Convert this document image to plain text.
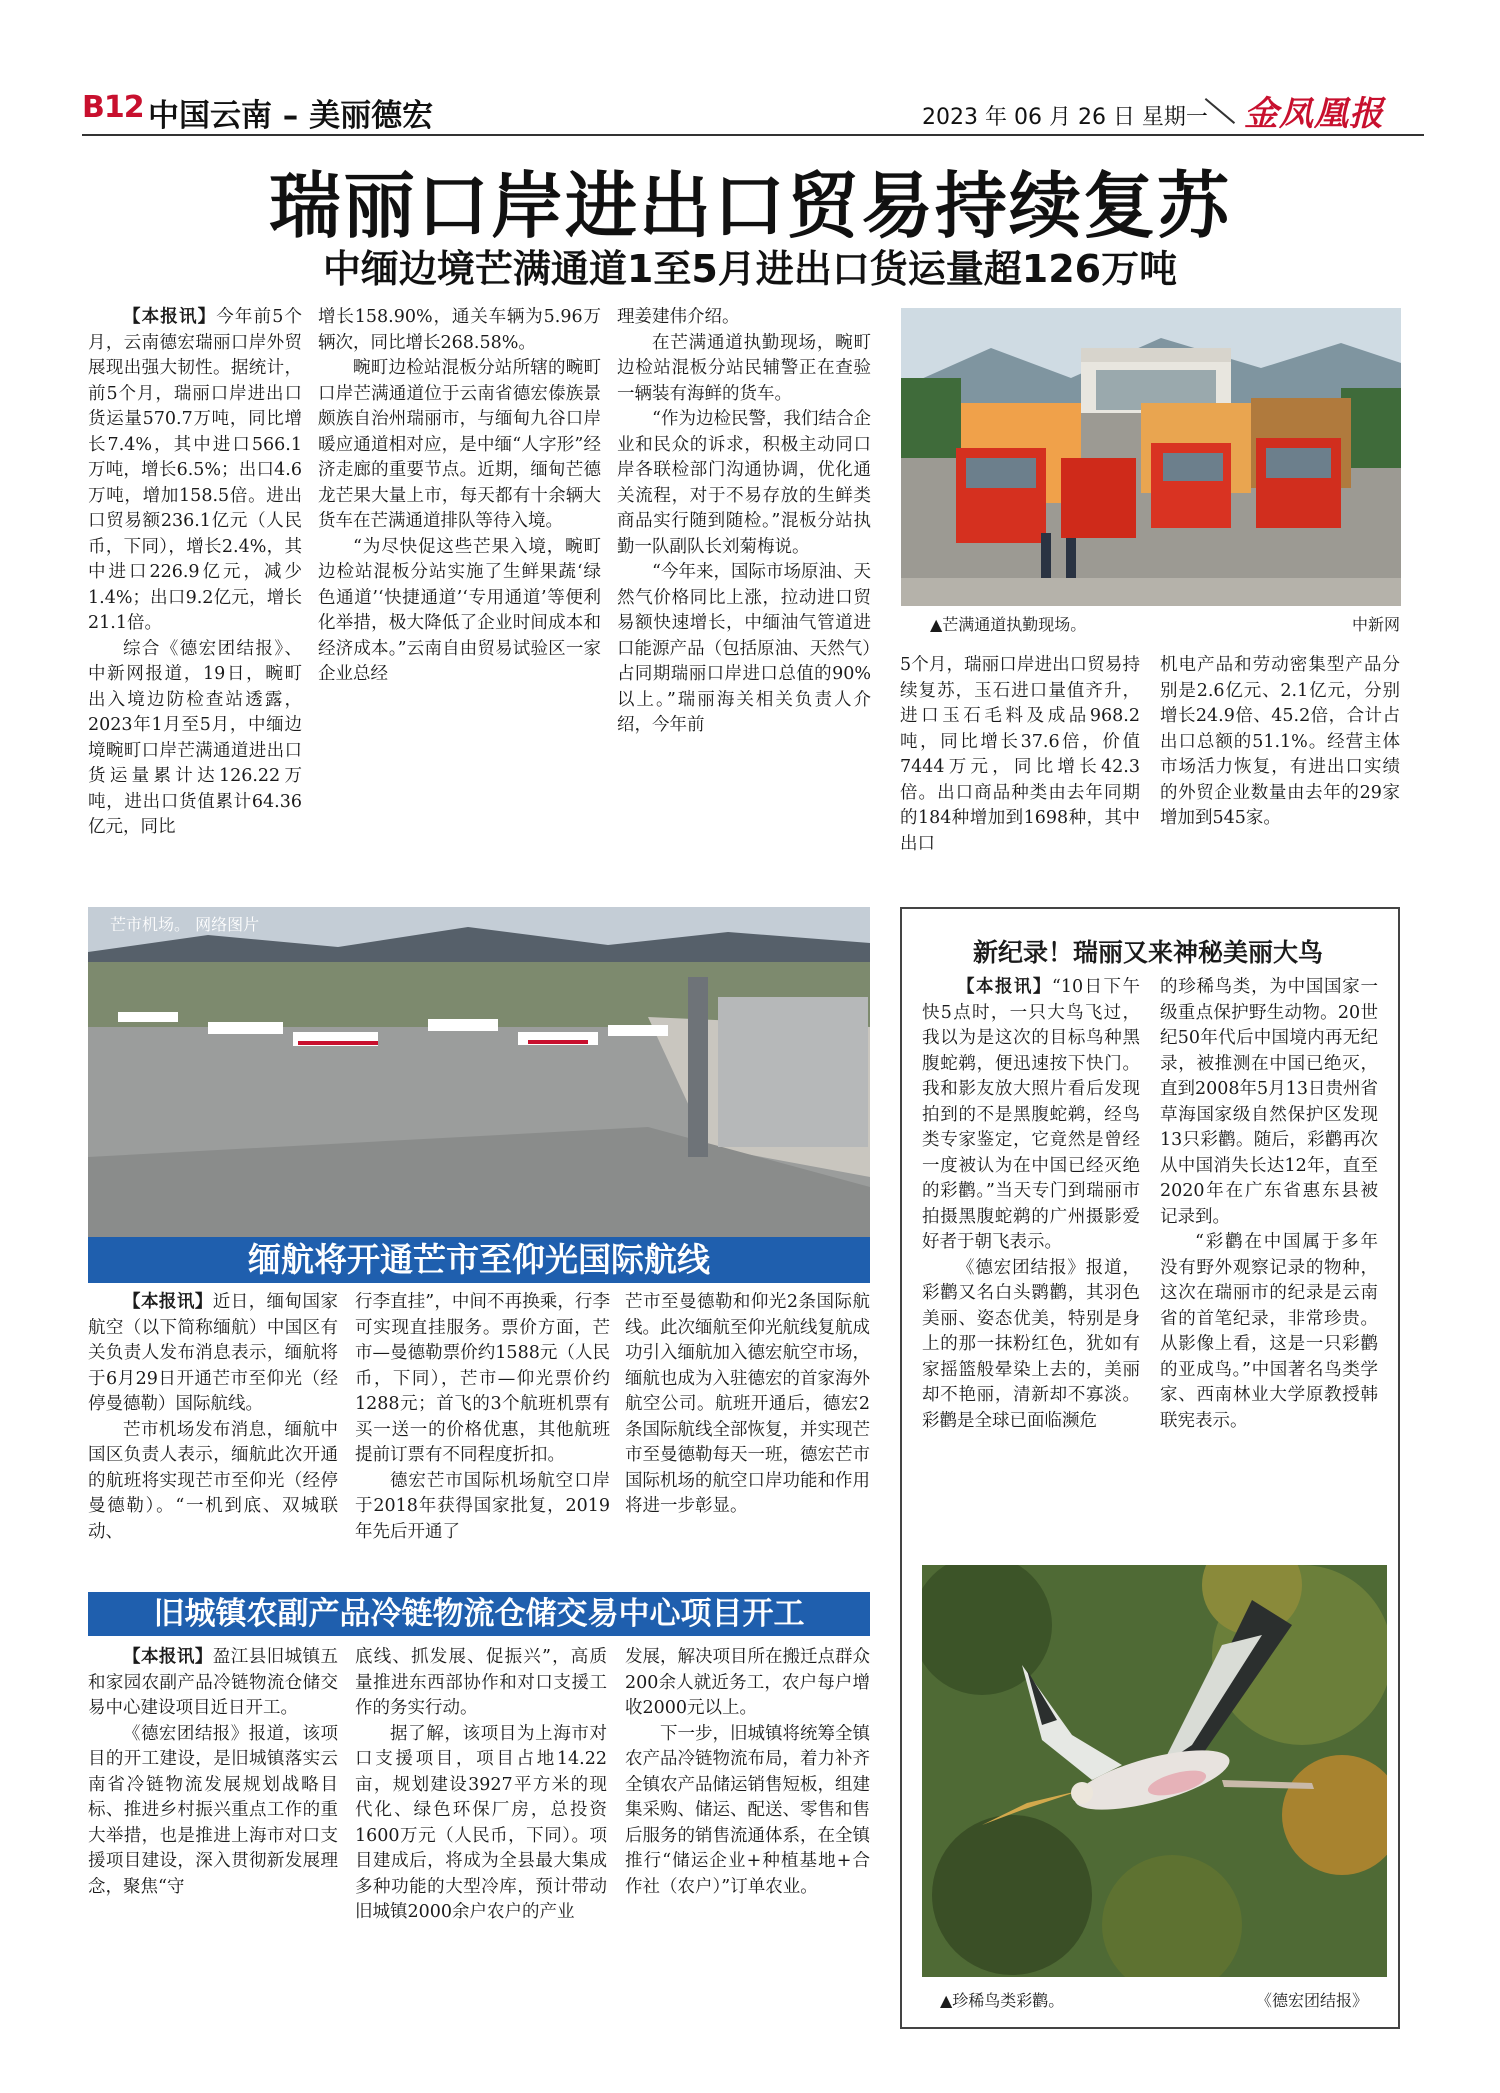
B12 中国云南 – 美丽德宏	2023 年 06 月 26 日 星期一 金凤凰报
瑞丽口岸进出口贸易持续复苏
中缅边境芒满通道1至5月进出口货运量超126万吨

【本报讯】今年前5个月，云南德宏瑞丽口岸外贸展现出强大韧性。据统计，前5个月，瑞丽口岸进出口货运量570.7万吨，同比增长7.4%，其中进口566.1万吨，增长6.5%；出口4.6万吨，增加158.5倍。进出口贸易额236.1亿元（人民币，下同），增长2.4%，其中进口226.9亿元，减少1.4%；出口9.2亿元，增长21.1倍。

综合《德宏团结报》、中新网报道，19日，畹町出入境边防检查站透露，2023年1月至5月，中缅边境畹町口岸芒满通道进出口货运量累计达126.22万吨，进出口货值累计64.36亿元，同比

增长158.90%，通关车辆为5.96万辆次，同比增长268.58%。

畹町边检站混板分站所辖的畹町口岸芒满通道位于云南省德宏傣族景颇族自治州瑞丽市，与缅甸九谷口岸暖应通道相对应，是中缅“人字形”经济走廊的重要节点。近期，缅甸芒德龙芒果大量上市，每天都有十余辆大货车在芒满通道排队等待入境。

“为尽快促这些芒果入境，畹町边检站混板分站实施了生鲜果蔬‘绿色通道’‘快捷通道’‘专用通道’等便利化举措，极大降低了企业时间成本和经济成本。”云南自由贸易试验区一家企业总经

理姜建伟介绍。

在芒满通道执勤现场，畹町边检站混板分站民辅警正在查验一辆装有海鲜的货车。

“作为边检民警，我们结合企业和民众的诉求，积极主动同口岸各联检部门沟通协调，优化通关流程，对于不易存放的生鲜类商品实行随到随检。”混板分站执勤一队副队长刘菊梅说。

“今年来，国际市场原油、天然气价格同比上涨，拉动进口贸易额快速增长，中缅油气管道进口能源产品（包括原油、天然气）占同期瑞丽口岸进口总值的90%以上。”瑞丽海关相关负责人介绍，今年前

▲芒满通道执勤现场。	中新网

5个月，瑞丽口岸进出口贸易持续复苏，玉石进口量值齐升，进口玉石毛料及成品968.2吨，同比增长37.6倍，价值7444万元，同比增长42.3倍。出口商品种类由去年同期的184种增加到1698种，其中出口

机电产品和劳动密集型产品分别是2.6亿元、2.1亿元，分别增长24.9倍、45.2倍，合计占出口总额的51.1%。经营主体市场活力恢复，有进出口实绩的外贸企业数量由去年的29家增加到545家。

芒市机场。 网络图片
缅航将开通芒市至仰光国际航线

【本报讯】近日，缅甸国家航空（以下简称缅航）中国区有关负责人发布消息表示，缅航将于6月29日开通芒市至仰光（经停曼德勒）国际航线。

芒市机场发布消息，缅航中国区负责人表示，缅航此次开通的航班将实现芒市至仰光（经停曼德勒）。“一机到底、双城联动、

行李直挂”，中间不再换乘，行李可实现直挂服务。票价方面，芒市—曼德勒票价约1588元（人民币，下同），芒市—仰光票价约1288元；首飞的3个航班机票有买一送一的价格优惠，其他航班提前订票有不同程度折扣。

德宏芒市国际机场航空口岸于2018年获得国家批复，2019年先后开通了

芒市至曼德勒和仰光2条国际航线。此次缅航至仰光航线复航成功引入缅航加入德宏航空市场，缅航也成为入驻德宏的首家海外航空公司。航班开通后，德宏2条国际航线全部恢复，并实现芒市至曼德勒每天一班，德宏芒市国际机场的航空口岸功能和作用将进一步彰显。

旧城镇农副产品冷链物流仓储交易中心项目开工

【本报讯】盈江县旧城镇五和家园农副产品冷链物流仓储交易中心建设项目近日开工。

《德宏团结报》报道，该项目的开工建设，是旧城镇落实云南省冷链物流发展规划战略目标、推进乡村振兴重点工作的重大举措，也是推进上海市对口支援项目建设，深入贯彻新发展理念，聚焦“守

底线、抓发展、促振兴”，高质量推进东西部协作和对口支援工作的务实行动。

据了解，该项目为上海市对口支援项目，项目占地14.22亩，规划建设3927平方米的现代化、绿色环保厂房，总投资1600万元（人民币，下同）。项目建成后，将成为全县最大集成多种功能的大型冷库，预计带动旧城镇2000余户农户的产业

发展，解决项目所在搬迁点群众200余人就近务工，农户每户增收2000元以上。

下一步，旧城镇将统筹全镇农产品冷链物流布局，着力补齐全镇农产品储运销售短板，组建集采购、储运、配送、零售和售后服务的销售流通体系，在全镇推行“储运企业+种植基地+合作社（农户）”订单农业。

新纪录！瑞丽又来神秘美丽大鸟

【本报讯】“10日下午快5点时，一只大鸟飞过，我以为是这次的目标鸟种黑腹蛇鹈，便迅速按下快门。我和影友放大照片看后发现拍到的不是黑腹蛇鹈，经鸟类专家鉴定，它竟然是曾经一度被认为在中国已经灭绝的彩鹳。”当天专门到瑞丽市拍摄黑腹蛇鹈的广州摄影爱好者于朝飞表示。

《德宏团结报》报道，彩鹳又名白头鹮鹳，其羽色美丽、姿态优美，特别是身上的那一抹粉红色，犹如有家摇篮般晕染上去的，美丽却不艳丽，清新却不寡淡。彩鹳是全球已面临濒危

的珍稀鸟类，为中国国家一级重点保护野生动物。20世纪50年代后中国境内再无纪录，被推测在中国已绝灭，直到2008年5月13日贵州省草海国家级自然保护区发现13只彩鹳。随后，彩鹳再次从中国消失长达12年，直至2020年在广东省惠东县被记录到。

“彩鹳在中国属于多年没有野外观察记录的物种，这次在瑞丽市的纪录是云南省的首笔纪录，非常珍贵。从影像上看，这是一只彩鹳的亚成鸟。”中国著名鸟类学家、西南林业大学原教授韩联宪表示。

▲珍稀鸟类彩鹳。	《德宏团结报》
